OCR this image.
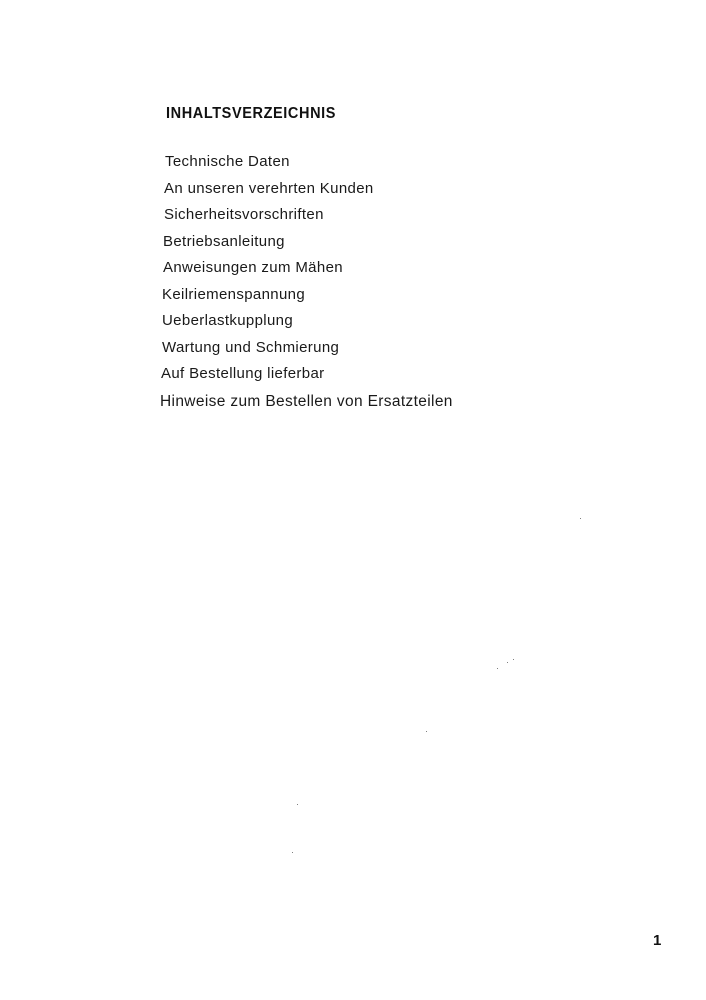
INHALTSVERZEICHNIS
Technische Daten
An unseren verehrten Kunden
Sicherheitsvorschriften
Betriebsanleitung
Anweisungen zum Mähen
Keilriemenspannung
Ueberlastkupplung
Wartung und Schmierung
Auf Bestellung lieferbar
Hinweise zum Bestellen von Ersatzteilen
1
